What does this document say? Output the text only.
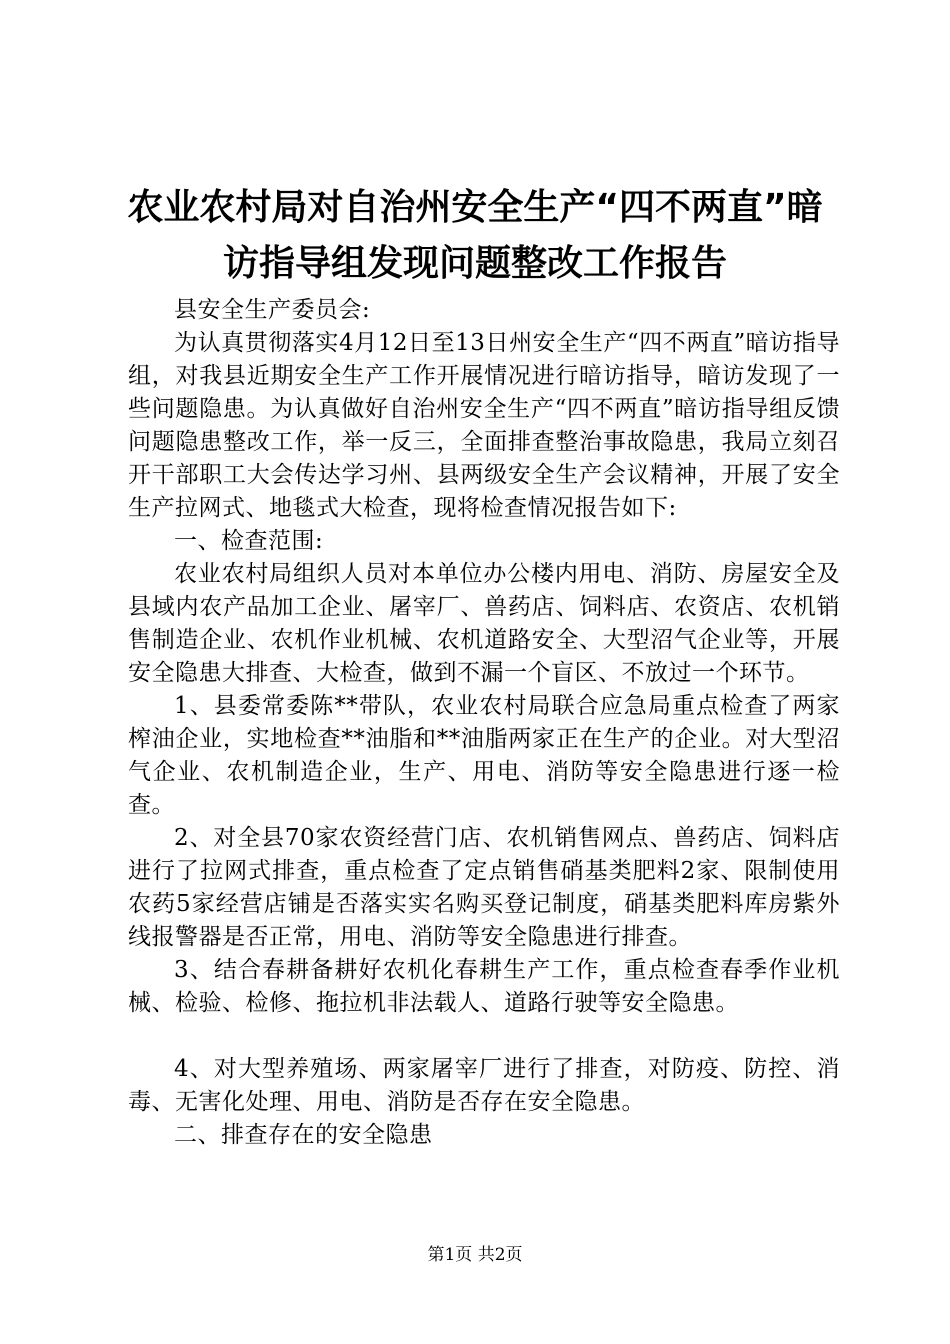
农业农村局对自治州安全生产“四不两直”暗
访指导组发现问题整改工作报告

县安全生产委员会:

为认真贯彻落实4月12日至13日州安全生产“四不两直”暗访指导组，对我县近期安全生产工作开展情况进行暗访指导，暗访发现了一些问题隐患。为认真做好自治州安全生产“四不两直”暗访指导组反馈问题隐患整改工作，举一反三，全面排查整治事故隐患，我局立刻召开干部职工大会传达学习州、县两级安全生产会议精神，开展了安全生产拉网式、地毯式大检查，现将检查情况报告如下:

一、检查范围:

农业农村局组织人员对本单位办公楼内用电、消防、房屋安全及县域内农产品加工企业、屠宰厂、兽药店、饲料店、农资店、农机销售制造企业、农机作业机械、农机道路安全、大型沼气企业等，开展安全隐患大排查、大检查，做到不漏一个盲区、不放过一个环节。

1、县委常委陈**带队，农业农村局联合应急局重点检查了两家榨油企业，实地检查**油脂和**油脂两家正在生产的企业。对大型沼气企业、农机制造企业，生产、用电、消防等安全隐患进行逐一检查。

2、对全县70家农资经营门店、农机销售网点、兽药店、饲料店进行了拉网式排查，重点检查了定点销售硝基类肥料2家、限制使用农药5家经营店铺是否落实实名购买登记制度，硝基类肥料库房紫外线报警器是否正常，用电、消防等安全隐患进行排查。

3、结合春耕备耕好农机化春耕生产工作，重点检查春季作业机械、检验、检修、拖拉机非法载人、道路行驶等安全隐患。

4、对大型养殖场、两家屠宰厂进行了排查，对防疫、防控、消毒、无害化处理、用电、消防是否存在安全隐患。

二、排查存在的安全隐患

第1页 共2页
